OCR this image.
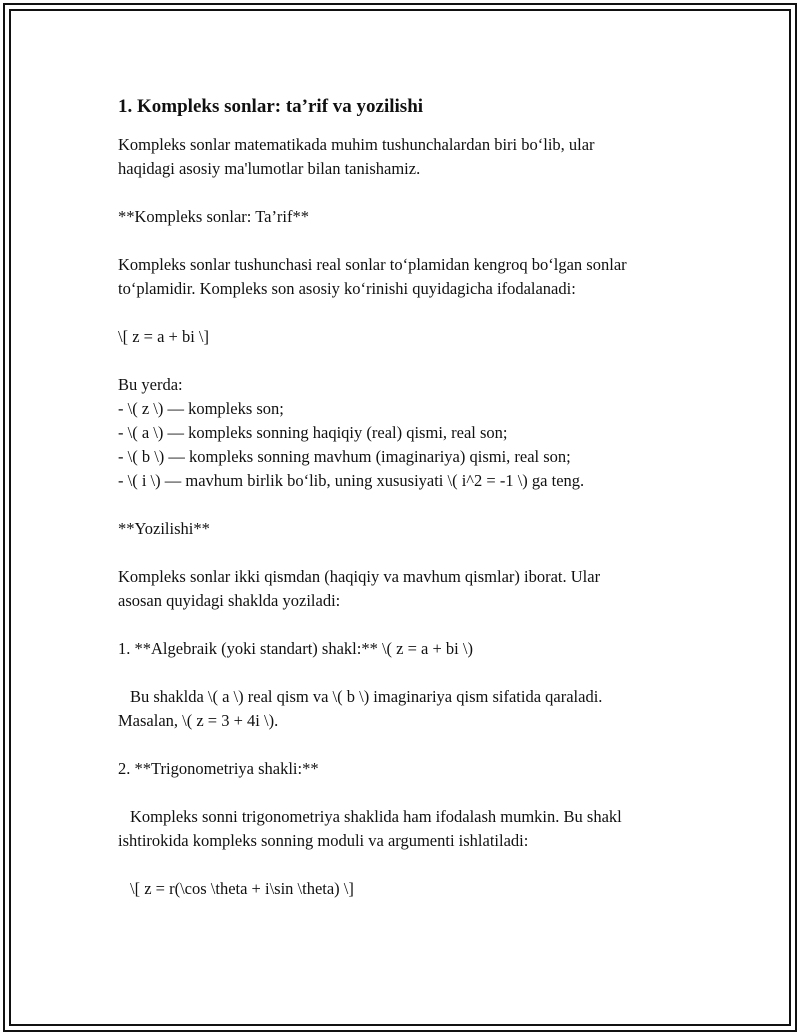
1. Kompleks sonlar: ta’rif va yozilishi

Kompleks sonlar matematikada muhim tushunchalardan biri bo‘lib, ular

haqidagi asosiy ma'lumotlar bilan tanishamiz.

**Kompleks sonlar: Ta’rif**

Kompleks sonlar tushunchasi real sonlar to‘plamidan kengroq bo‘lgan sonlar

to‘plamidir. Kompleks son asosiy ko‘rinishi quyidagicha ifodalanadi:

\[ z = a + bi \]

Bu yerda:

- \( z \) — kompleks son;

- \( a \) — kompleks sonning haqiqiy (real) qismi, real son;

- \( b \) — kompleks sonning mavhum (imaginariya) qismi, real son;

- \( i \) — mavhum birlik bo‘lib, uning xususiyati \( i^2 = -1 \) ga teng.

**Yozilishi**

Kompleks sonlar ikki qismdan (haqiqiy va mavhum qismlar) iborat. Ular

asosan quyidagi shaklda yoziladi:

1. **Algebraik (yoki standart) shakl:** \( z = a + bi \)

Bu shaklda \( a \) real qism va \( b \) imaginariya qism sifatida qaraladi.

Masalan, \( z = 3 + 4i \).

2. **Trigonometriya shakli:**

Kompleks sonni trigonometriya shaklida ham ifodalash mumkin. Bu shakl

ishtirokida kompleks sonning moduli va argumenti ishlatiladi:

\[ z = r(\cos \theta + i\sin \theta) \]
